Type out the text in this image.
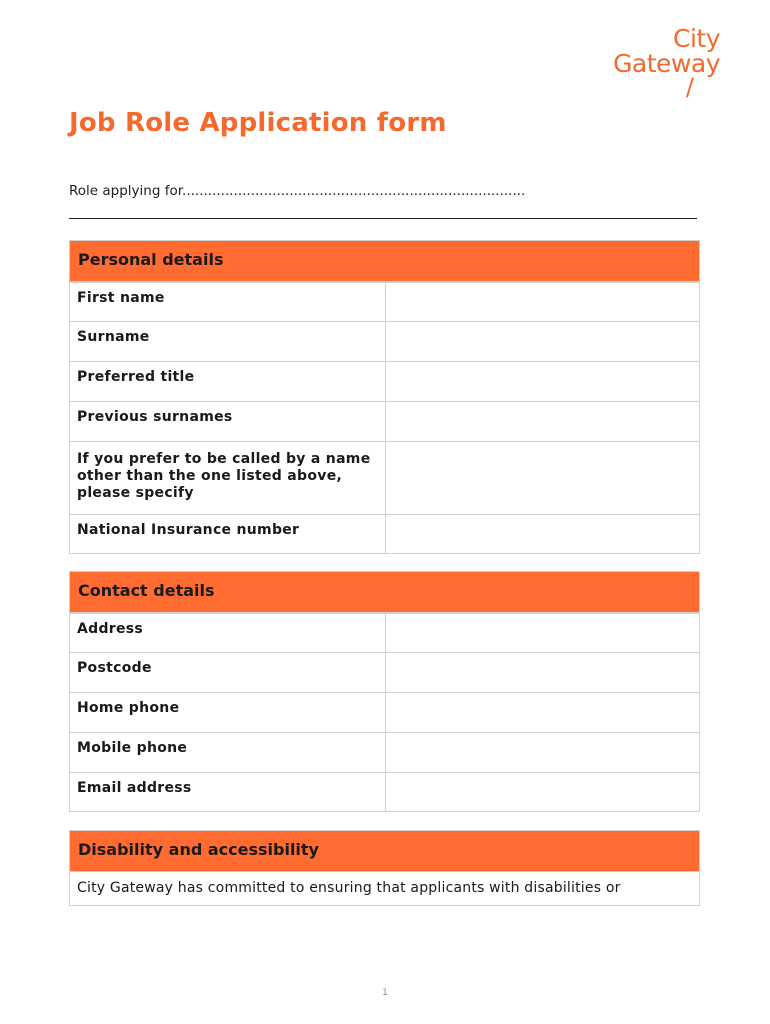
City
Gateway
/
Job Role Application form
Role applying for................................................................................
Personal details
First name
Surname
Preferred title
Previous surnames
If you prefer to be called by a name other than the one listed above, please specify
National Insurance number
Contact details
Address
Postcode
Home phone
Mobile phone
Email address
Disability and accessibility
City Gateway has committed to ensuring that applicants with disabilities or
1
